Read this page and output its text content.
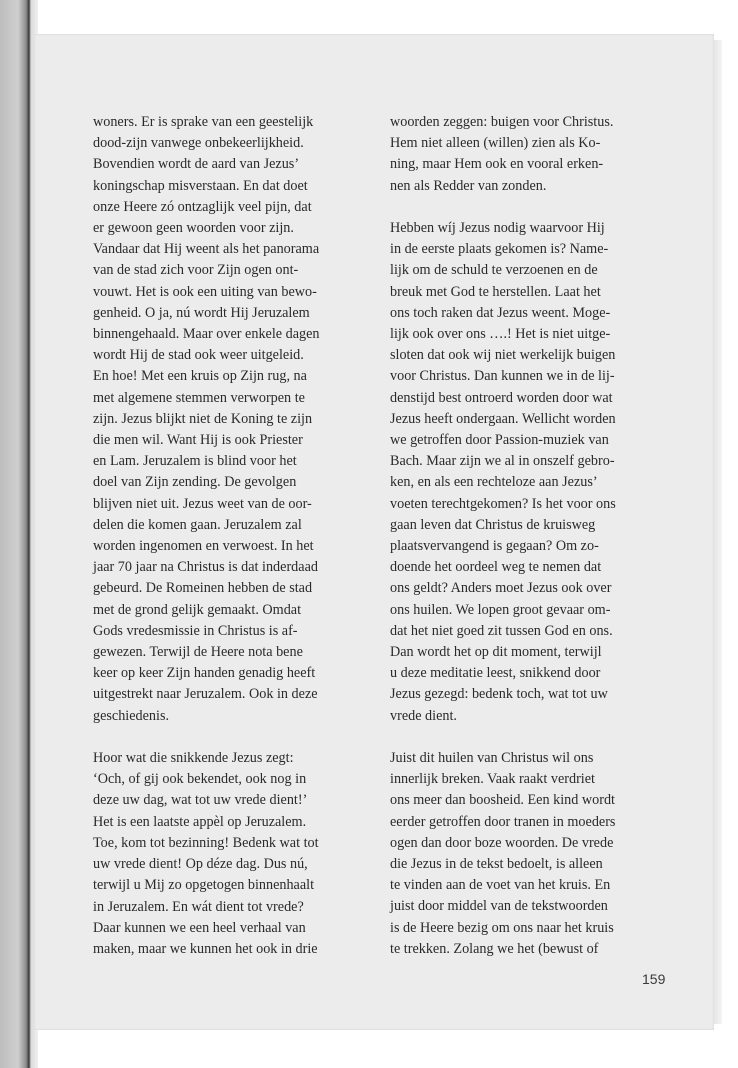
woners. Er is sprake van een geestelijk
dood-zijn vanwege onbekeerlijkheid.
Bovendien wordt de aard van Jezus’
koningschap misverstaan. En dat doet
onze Heere zó ontzaglijk veel pijn, dat
er gewoon geen woorden voor zijn.
Vandaar dat Hij weent als het panorama
van de stad zich voor Zijn ogen ont-
vouwt. Het is ook een uiting van bewo-
genheid. O ja, nú wordt Hij Jeruzalem
binnengehaald. Maar over enkele dagen
wordt Hij de stad ook weer uitgeleid.
En hoe! Met een kruis op Zijn rug, na
met algemene stemmen verworpen te
zijn. Jezus blijkt niet de Koning te zijn
die men wil. Want Hij is ook Priester
en Lam. Jeruzalem is blind voor het
doel van Zijn zending. De gevolgen
blijven niet uit. Jezus weet van de oor-
delen die komen gaan. Jeruzalem zal
worden ingenomen en verwoest. In het
jaar 70 jaar na Christus is dat inderdaad
gebeurd. De Romeinen hebben de stad
met de grond gelijk gemaakt. Omdat
Gods vredesmissie in Christus is af-
gewezen. Terwijl de Heere nota bene
keer op keer Zijn handen genadig heeft
uitgestrekt naar Jeruzalem. Ook in deze
geschiedenis.
Hoor wat die snikkende Jezus zegt:
‘Och, of gij ook bekendet, ook nog in
deze uw dag, wat tot uw vrede dient!’
Het is een laatste appèl op Jeruzalem.
Toe, kom tot bezinning! Bedenk wat tot
uw vrede dient! Op déze dag. Dus nú,
terwijl u Mij zo opgetogen binnenhaalt
in Jeruzalem. En wát dient tot vrede?
Daar kunnen we een heel verhaal van
maken, maar we kunnen het ook in drie
woorden zeggen: buigen voor Christus.
Hem niet alleen (willen) zien als Ko-
ning, maar Hem ook en vooral erken-
nen als Redder van zonden.
Hebben wíj Jezus nodig waarvoor Hij
in de eerste plaats gekomen is? Name-
lijk om de schuld te verzoenen en de
breuk met God te herstellen. Laat het
ons toch raken dat Jezus weent. Moge-
lijk ook over ons ….! Het is niet uitge-
sloten dat ook wij niet werkelijk buigen
voor Christus. Dan kunnen we in de lij-
denstijd best ontroerd worden door wat
Jezus heeft ondergaan. Wellicht worden
we getroffen door Passion-muziek van
Bach. Maar zijn we al in onszelf gebro-
ken, en als een rechteloze aan Jezus’
voeten terechtgekomen? Is het voor ons
gaan leven dat Christus de kruisweg
plaatsvervangend is gegaan? Om zo-
doende het oordeel weg te nemen dat
ons geldt? Anders moet Jezus ook over
ons huilen. We lopen groot gevaar om-
dat het niet goed zit tussen God en ons.
Dan wordt het op dit moment, terwijl
u deze meditatie leest, snikkend door
Jezus gezegd: bedenk toch, wat tot uw
vrede dient.
Juist dit huilen van Christus wil ons
innerlijk breken. Vaak raakt verdriet
ons meer dan boosheid. Een kind wordt
eerder getroffen door tranen in moeders
ogen dan door boze woorden. De vrede
die Jezus in de tekst bedoelt, is alleen
te vinden aan de voet van het kruis. En
juist door middel van de tekstwoorden
is de Heere bezig om ons naar het kruis
te trekken. Zolang we het (bewust of
159
